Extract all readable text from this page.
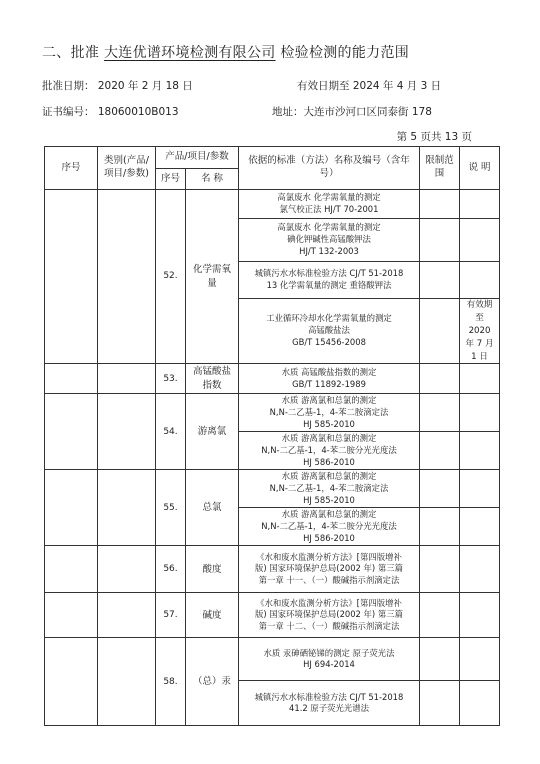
二、批准 大连优谱环境检测有限公司 检验检测的能力范围
批准日期： 2020 年 2 月 18 日	有效日期至 2024 年 4 月 3 日
证书编号： 18060010B013	地址：大连市沙河口区同泰街 178
第 5 页共 13 页
序号	类别(产品/项目/参数)	产品/项目/参数		依据的标准（方法）名称及编号（含年号）	限制范围	说 明
		序号	名 称			
		52.	化学需氧量	高氯废水 化学需氧量的测定
氯气校正法 HJ/T 70-2001		

				高氯废水 化学需氧量的测定
碘化钾碱性高锰酸钾法
HJ/T 132-2003		

				城镇污水水标准检验方法 CJ/T 51-2018
13 化学需氧量的测定 重铬酸钾法		

				工业循环冷却水化学需氧量的测定
高锰酸盐法
GB/T 15456-2008		有效期至 2020 年 7 月 1 日
		53.	高锰酸盐指数	水质 高锰酸盐指数的测定
GB/T 11892-1989		

		54.	游离氯	水质 游离氯和总氯的测定
N,N-二乙基-1，4-苯二胺滴定法
HJ 585-2010		

				水质 游离氯和总氯的测定
N,N-二乙基-1，4-苯二胺分光光度法
HJ 586-2010		

		55.	总氯	水质 游离氯和总氯的测定
N,N-二乙基-1，4-苯二胺滴定法
HJ 585-2010		

				水质 游离氯和总氯的测定
N,N-二乙基-1，4-苯二胺分光光度法
HJ 586-2010		

		56.	酸度	《水和废水监测分析方法》[第四版增补
版) 国家环境保护总局(2002 年) 第三篇
第一章 十一、（一）酸碱指示剂滴定法		

		57.	碱度	《水和废水监测分析方法》[第四版增补
版) 国家环境保护总局(2002 年) 第三篇
第一章 十二、（一）酸碱指示剂滴定法		

		58.	（总）汞	水质 汞砷硒铋锑的测定 原子荧光法
HJ 694-2014		

				城镇污水水标准检验方法 CJ/T 51-2018
41.2 原子荧光光谱法		
